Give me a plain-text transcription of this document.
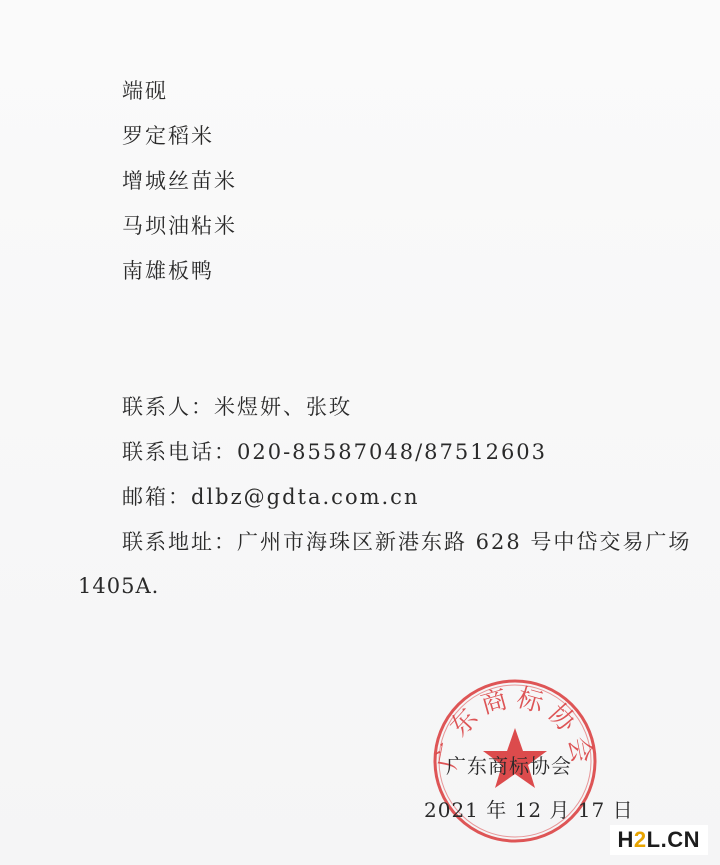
端砚
罗定稻米
增城丝苗米
马坝油粘米
南雄板鸭
联系人：米煜妍、张玫
联系电话：020-85587048/87512603
邮箱：dlbz@gdta.com.cn
联系地址：广州市海珠区新港东路 628 号中岱交易广场
1405A.
广东商标协会
广东商标协会
2021 年 12 月 17 日
H 2 L . CN
